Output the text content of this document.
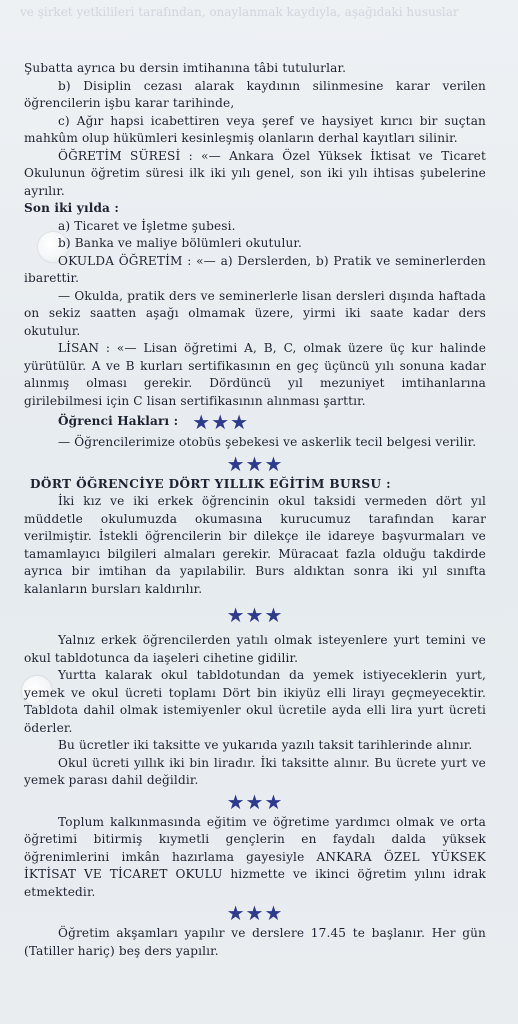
ve şirket yetkilileri tarafından, onaylanmak kaydıyla, aşağıdaki hususlar

Şubatta ayrıca bu dersin imtihanına tâbi tutulurlar.

b) Disiplin cezası alarak kaydının silinmesine karar verilen öğrencilerin işbu karar tarihinde,

c) Ağır hapsi icabettiren veya şeref ve haysiyet kırıcı bir suçtan mahkûm olup hükümleri kesinleşmiş olanların derhal kayıtları silinir.

ÖĞRETİM SÜRESİ : «— Ankara Özel Yüksek İktisat ve Ticaret Okulunun öğretim süresi ilk iki yılı genel, son iki yılı ihtisas şubelerine ayrılır.

Son iki yılda :

a) Ticaret ve İşletme şubesi.

b) Banka ve maliye bölümleri okutulur.

OKULDA ÖĞRETİM : «— a) Derslerden, b) Pratik ve seminerlerden ibarettir.

— Okulda, pratik ders ve seminerlerle lisan dersleri dışında haftada on sekiz saatten aşağı olmamak üzere, yirmi iki saate kadar ders okutulur.

LİSAN : «— Lisan öğretimi A, B, C, olmak üzere üç kur halinde yürütülür. A ve B kurları sertifikasının en geç üçüncü yılı sonuna kadar alınmış olması gerekir. Dördüncü yıl mezuniyet imtihanlarına girilebilmesi için C lisan sertifikasının alınması şarttır.

Öğrenci Hakları : ★★★

— Öğrencilerimize otobüs şebekesi ve askerlik tecil belgesi verilir.

★★★

DÖRT ÖĞRENCİYE DÖRT YILLIK EĞİTİM BURSU :

İki kız ve iki erkek öğrencinin okul taksidi vermeden dört yıl müddetle okulumuzda okumasına kurucumuz tarafından karar verilmiştir. İstekli öğrencilerin bir dilekçe ile idareye başvurmaları ve tamamlayıcı bilgileri almaları gerekir. Müracaat fazla olduğu takdirde ayrıca bir imtihan da yapılabilir. Burs aldıktan sonra iki yıl sınıfta kalanların bursları kaldırılır.

★★★

Yalnız erkek öğrencilerden yatılı olmak isteyenlere yurt temini ve okul tabldotunca da iaşeleri cihetine gidilir.

Yurtta kalarak okul tabldotundan da yemek istiyeceklerin yurt, yemek ve okul ücreti toplamı Dört bin ikiyüz elli lirayı geçmeyecektir. Tabldota dahil olmak istemiyenler okul ücretile ayda elli lira yurt ücreti öderler.

Bu ücretler iki taksitte ve yukarıda yazılı taksit tarihlerinde alınır.

Okul ücreti yıllık iki bin liradır. İki taksitte alınır. Bu ücrete yurt ve yemek parası dahil değildir.

★★★

Toplum kalkınmasında eğitim ve öğretime yardımcı olmak ve orta öğretimi bitirmiş kıymetli gençlerin en faydalı dalda yüksek öğrenimlerini imkân hazırlama gayesiyle ANKARA ÖZEL YÜKSEK İKTİSAT VE TİCARET OKULU hizmette ve ikinci öğretim yılını idrak etmektedir.

★★★

Öğretim akşamları yapılır ve derslere 17.45 te başlanır. Her gün (Tatiller hariç) beş ders yapılır.
